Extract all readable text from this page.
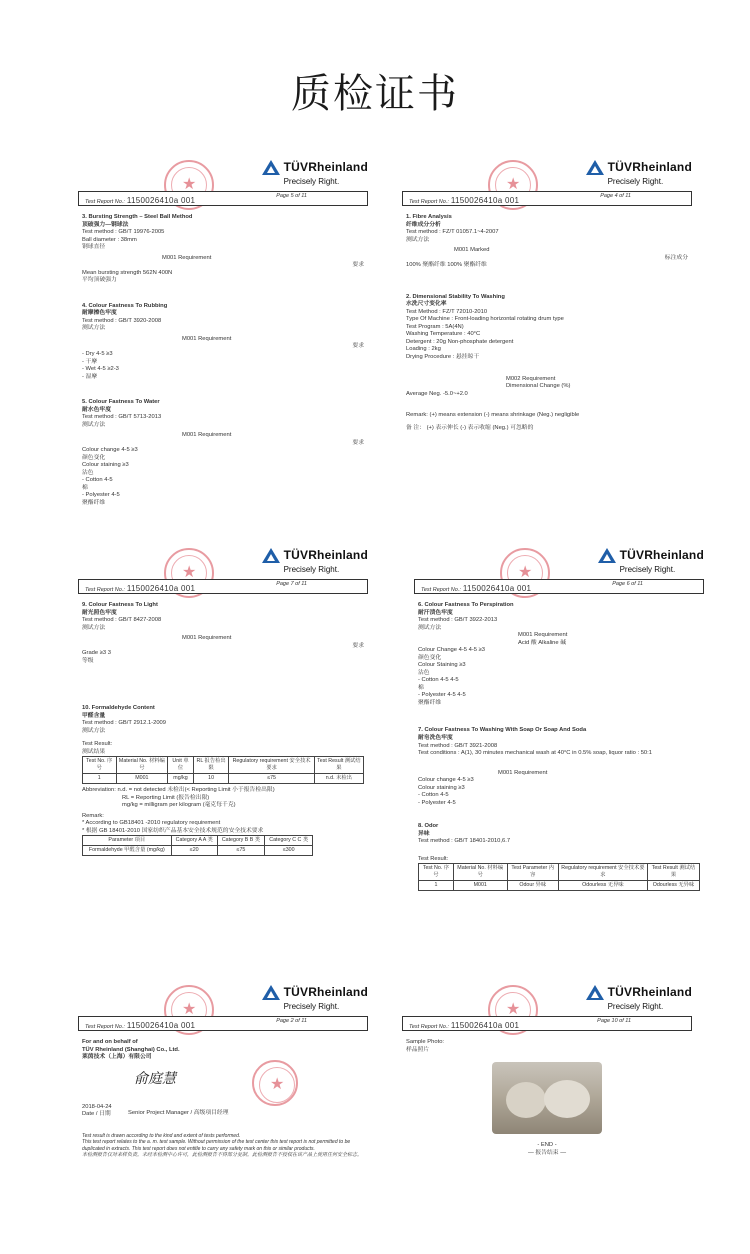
质检证书
★
TÜVRheinland
Precisely Right.
Test Report No.: 1150026410a 001	Page 5 of 11
3. Bursting Strength – Steel Ball Method
顶破强力—钢球法
Test method : GB/T 19976-2005
Ball diameter : 38mm
钢球直径
M001 Requirement
要求
Mean bursting strength 562N 400N
平均顶破强力
4. Colour Fastness To Rubbing
耐摩擦色牢度
Test method : GB/T 3920-2008
测试方法
M001 Requirement
要求
- Dry 4-5 ≥3
- 干摩
- Wet 4-5 ≥2-3
- 湿摩
5. Colour Fastness To Water
耐水色牢度
Test method : GB/T 5713-2013
测试方法
M001 Requirement
要求
Colour change 4-5 ≥3
颜色变化
Colour staining ≥3
沾色
- Cotton 4-5
棉
- Polyester 4-5
聚酯纤维
★
TÜVRheinland
Precisely Right.
Test Report No.: 1150026410a 001	Page 4 of 11
1. Fibre Analysis
纤维成分分析
Test method : FZ/T 01057.1~4-2007
测试方法
M001 Marked
标注成分
100% 聚酯纤维 100% 聚酯纤维
2. Dimensional Stability To Washing
水洗尺寸变化率
Test Method : FZ/T 72010-2010
Type Of Machine : Front-loading horizontal rotating drum type
Test Program : 5A(4N)
Washing Temperature : 40°C
Detergent : 20g Non-phosphate detergent
Loading : 2kg
Drying Procedure : 悬挂晾干
M002 Requirement
Dimensional Change (%)
Average Neg. -5.0~+2.0
Remark: (+) means extension (-) means shrinkage (Neg.) negligible
备 注： (+) 表示伸长 (-) 表示收缩 (Neg.) 可忽略的
★
TÜVRheinland
Precisely Right.
Test Report No.: 1150026410a 001	Page 7 of 11
9. Colour Fastness To Light
耐光照色牢度
Test method : GB/T 8427-2008
测试方法
M001 Requirement
要求
Grade ≥3 3
等级
10. Formaldehyde Content
甲醛含量
Test method : GB/T 2912.1-2009
测试方法
Test Result:
测试结果
Test No. 序号	Material No. 材料编号	Unit 单位	RL 报告检出限	Regulatory requirement 安全技术要求	Test Result 测试结果
1	M001	mg/kg	10	≤75	n.d. 未检出
Abbreviation: n.d. = not detected 未检出(< Reporting Limit 小于报告检出限)
RL = Reporting Limit (报告检出限)
mg/kg = milligram per kilogram (毫克每千克)
Remark:
* According to GB18401 -2010 regulatory requirement
* 根据 GB 18401-2010 国家纺织产品基本安全技术规范的安全技术要求
Parameter 项目	Category A A 类	Category B B 类	Category C C 类
Formaldehyde 甲醛含量 (mg/kg)	≤20	≤75	≤300
★
TÜVRheinland
Precisely Right.
Test Report No.: 1150026410a 001	Page 6 of 11
6. Colour Fastness To Perspiration
耐汗渍色牢度
Test method : GB/T 3922-2013
测试方法
M001 Requirement
Acid 酸 Alkaline 碱
Colour Change 4-5 4-5 ≥3
颜色变化
Colour Staining ≥3
沾色
- Cotton 4-5 4-5
棉
- Polyester 4-5 4-5
聚酯纤维
7. Colour Fastness To Washing With Soap Or Soap And Soda
耐皂洗色牢度
Test method : GB/T 3921-2008
Test conditions : A(1), 30 minutes mechanical wash at 40°C in 0.5% soap, liquor ratio : 50:1
M001 Requirement
Colour change 4-5 ≥3
Colour staining ≥3
- Cotton 4-5
- Polyester 4-5
8. Odor
异味
Test method : GB/T 18401-2010,6.7
Test Result:
Test No. 序号	Material No. 材料编号	Test Parameter 内容	Regulatory requirement 安全技术要求	Test Result 测试结果
1	M001	Odour 异味	Odourless 无异味	Odourless 无异味
★
TÜVRheinland
Precisely Right.
Test Report No.: 1150026410a 001	Page 2 of 11
For and on behalf of
TÜV Rheinland (Shanghai) Co., Ltd.
莱茵技术（上海）有限公司
俞庭慧
★
2018-04-24
Date / 日期	Senior Project Manager / 高级项目经理
Test result is drawn according to the kind and extent of tests performed.
This test report relates to the a. m. test sample. Without permission of the test center this test report is not permitted to be
duplicated in extracts. This test report does not entitle to carry any safety mark on this or similar products.
本检测报告仅对来样负责。未经本检测中心许可，此检测报告不得部分复制。此检测报告不授权在该产品上使用任何安全标志。
★
TÜVRheinland
Precisely Right.
Test Report No.: 1150026410a 001	Page 10 of 11
Sample Photo:
样品照片
- END -
— 报告结束 —
